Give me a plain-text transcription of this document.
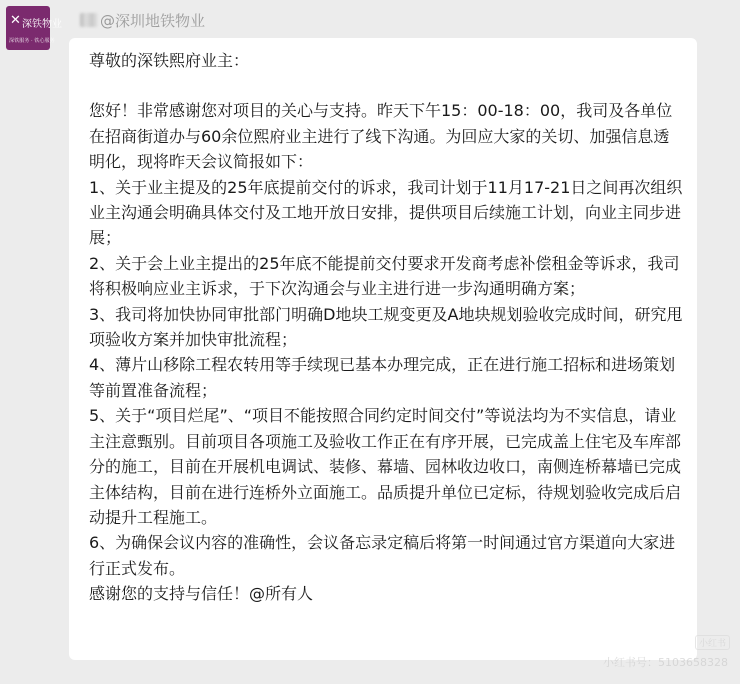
✕ 深铁物业
深铁服务 · 铁心服务
@深圳地铁物业

尊敬的深铁熙府业主：

您好！非常感谢您对项目的关心与支持。昨天下午15：00-18：00，我司及各单位在招商街道办与60余位熙府业主进行了线下沟通。为回应大家的关切、加强信息透明化，现将昨天会议简报如下：

1、关于业主提及的25年底提前交付的诉求，我司计划于11月17-21日之间再次组织业主沟通会明确具体交付及工地开放日安排，提供项目后续施工计划，向业主同步进展；

2、关于会上业主提出的25年底不能提前交付要求开发商考虑补偿租金等诉求，我司将积极响应业主诉求，于下次沟通会与业主进行进一步沟通明确方案；

3、我司将加快协同审批部门明确D地块工规变更及A地块规划验收完成时间，研究甩项验收方案并加快审批流程；

4、薄片山移除工程农转用等手续现已基本办理完成，正在进行施工招标和进场策划等前置准备流程；

5、关于“项目烂尾”、“项目不能按照合同约定时间交付”等说法均为不实信息，请业主注意甄别。目前项目各项施工及验收工作正在有序开展，已完成盖上住宅及车库部分的施工，目前在开展机电调试、装修、幕墙、园林收边收口，南侧连桥幕墙已完成主体结构，目前在进行连桥外立面施工。品质提升单位已定标，待规划验收完成后启动提升工程施工。

6、为确保会议内容的准确性，会议备忘录定稿后将第一时间通过官方渠道向大家进行正式发布。

感谢您的支持与信任！@所有人

小红书
小红书号：5103658328
